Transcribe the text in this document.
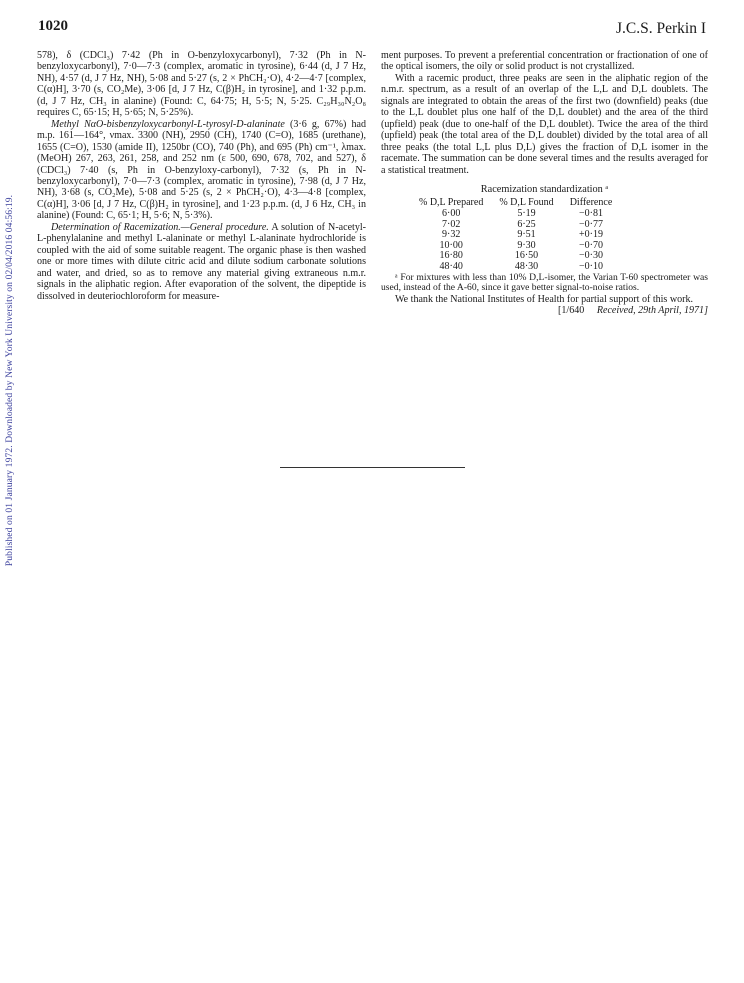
Published on 01 January 1972. Downloaded by New York University on 02/04/2016 04:56:19.
1020	J.C.S. Perkin I

578), δ (CDCl₃) 7·42 (Ph in O-benzyloxycarbonyl), 7·32 (Ph in N-benzyloxycarbonyl), 7·0—7·3 (complex, aromatic in tyrosine), 6·44 (d, J 7 Hz, NH), 4·57 (d, J 7 Hz, NH), 5·08 and 5·27 (s, 2 × PhCH₂·O), 4·2—4·7 [complex, C(α)H], 3·70 (s, CO₂Me), 3·06 [d, J 7 Hz, C(β)H₂ in tyrosine], and 1·32 p.p.m. (d, J 7 Hz, CH₃ in alanine) (Found: C, 64·75; H, 5·5; N, 5·25. C₂₉H₃₀N₂O₈ requires C, 65·15; H, 5·65; N, 5·25%).

Methyl NαO-bisbenzyloxycarbonyl-L-tyrosyl-D-alaninate (3·6 g, 67%) had m.p. 161—164°, νmax. 3300 (NH), 2950 (CH), 1740 (C=O), 1685 (urethane), 1655 (C=O), 1530 (amide II), 1250br (CO), 740 (Ph), and 695 (Ph) cm⁻¹, λmax. (MeOH) 267, 263, 261, 258, and 252 nm (ε 500, 690, 678, 702, and 527), δ (CDCl₃) 7·40 (s, Ph in O-benzyloxy-carbonyl), 7·32 (s, Ph in N-benzyloxycarbonyl), 7·0—7·3 (complex, aromatic in tyrosine), 7·98 (d, J 7 Hz, NH), 3·68 (s, CO₂Me), 5·08 and 5·25 (s, 2 × PhCH₂·O), 4·3—4·8 [complex, C(α)H], 3·06 [d, J 7 Hz, C(β)H₂ in tyrosine], and 1·23 p.p.m. (d, J 6 Hz, CH₃ in alanine) (Found: C, 65·1; H, 5·6; N, 5·3%).

Determination of Racemization.—General procedure. A solution of N-acetyl-L-phenylalanine and methyl L-alaninate or methyl L-alaninate hydrochloride is coupled with the aid of some suitable reagent. The organic phase is then washed one or more times with dilute citric acid and dilute sodium carbonate solutions and water, and dried, so as to remove any material giving extraneous n.m.r. signals in the aliphatic region. After evaporation of the solvent, the dipeptide is dissolved in deuteriochloroform for measure-

ment purposes. To prevent a preferential concentration or fractionation of one of the optical isomers, the oily or solid product is not crystallized.

With a racemic product, three peaks are seen in the aliphatic region of the n.m.r. spectrum, as a result of an overlap of the L,L and D,L doublets. The signals are integrated to obtain the areas of the first two (downfield) peaks (due to the L,L doublet plus one half of the D,L doublet) and the area of the third (upfield) peak (due to one-half of the D,L doublet). Twice the area of the third (upfield) peak (the total area of the D,L doublet) divided by the total area of all three peaks (the total L,L plus D,L) gives the fraction of D,L isomer in the racemate. The summation can be done several times and the results averaged for a statistical treatment.

Racemization standardization ᵃ
% D,L Prepared	% D,L Found	Difference
6·00	5·19	−0·81
7·02	6·25	−0·77
9·32	9·51	+0·19
10·00	9·30	−0·70
16·80	16·50	−0·30
48·40	48·30	−0·10

ᵃ For mixtures with less than 10% D,L-isomer, the Varian T-60 spectrometer was used, instead of the A-60, since it gave better signal-to-noise ratios.

We thank the National Institutes of Health for partial support of this work.

[1/640 Received, 29th April, 1971]
